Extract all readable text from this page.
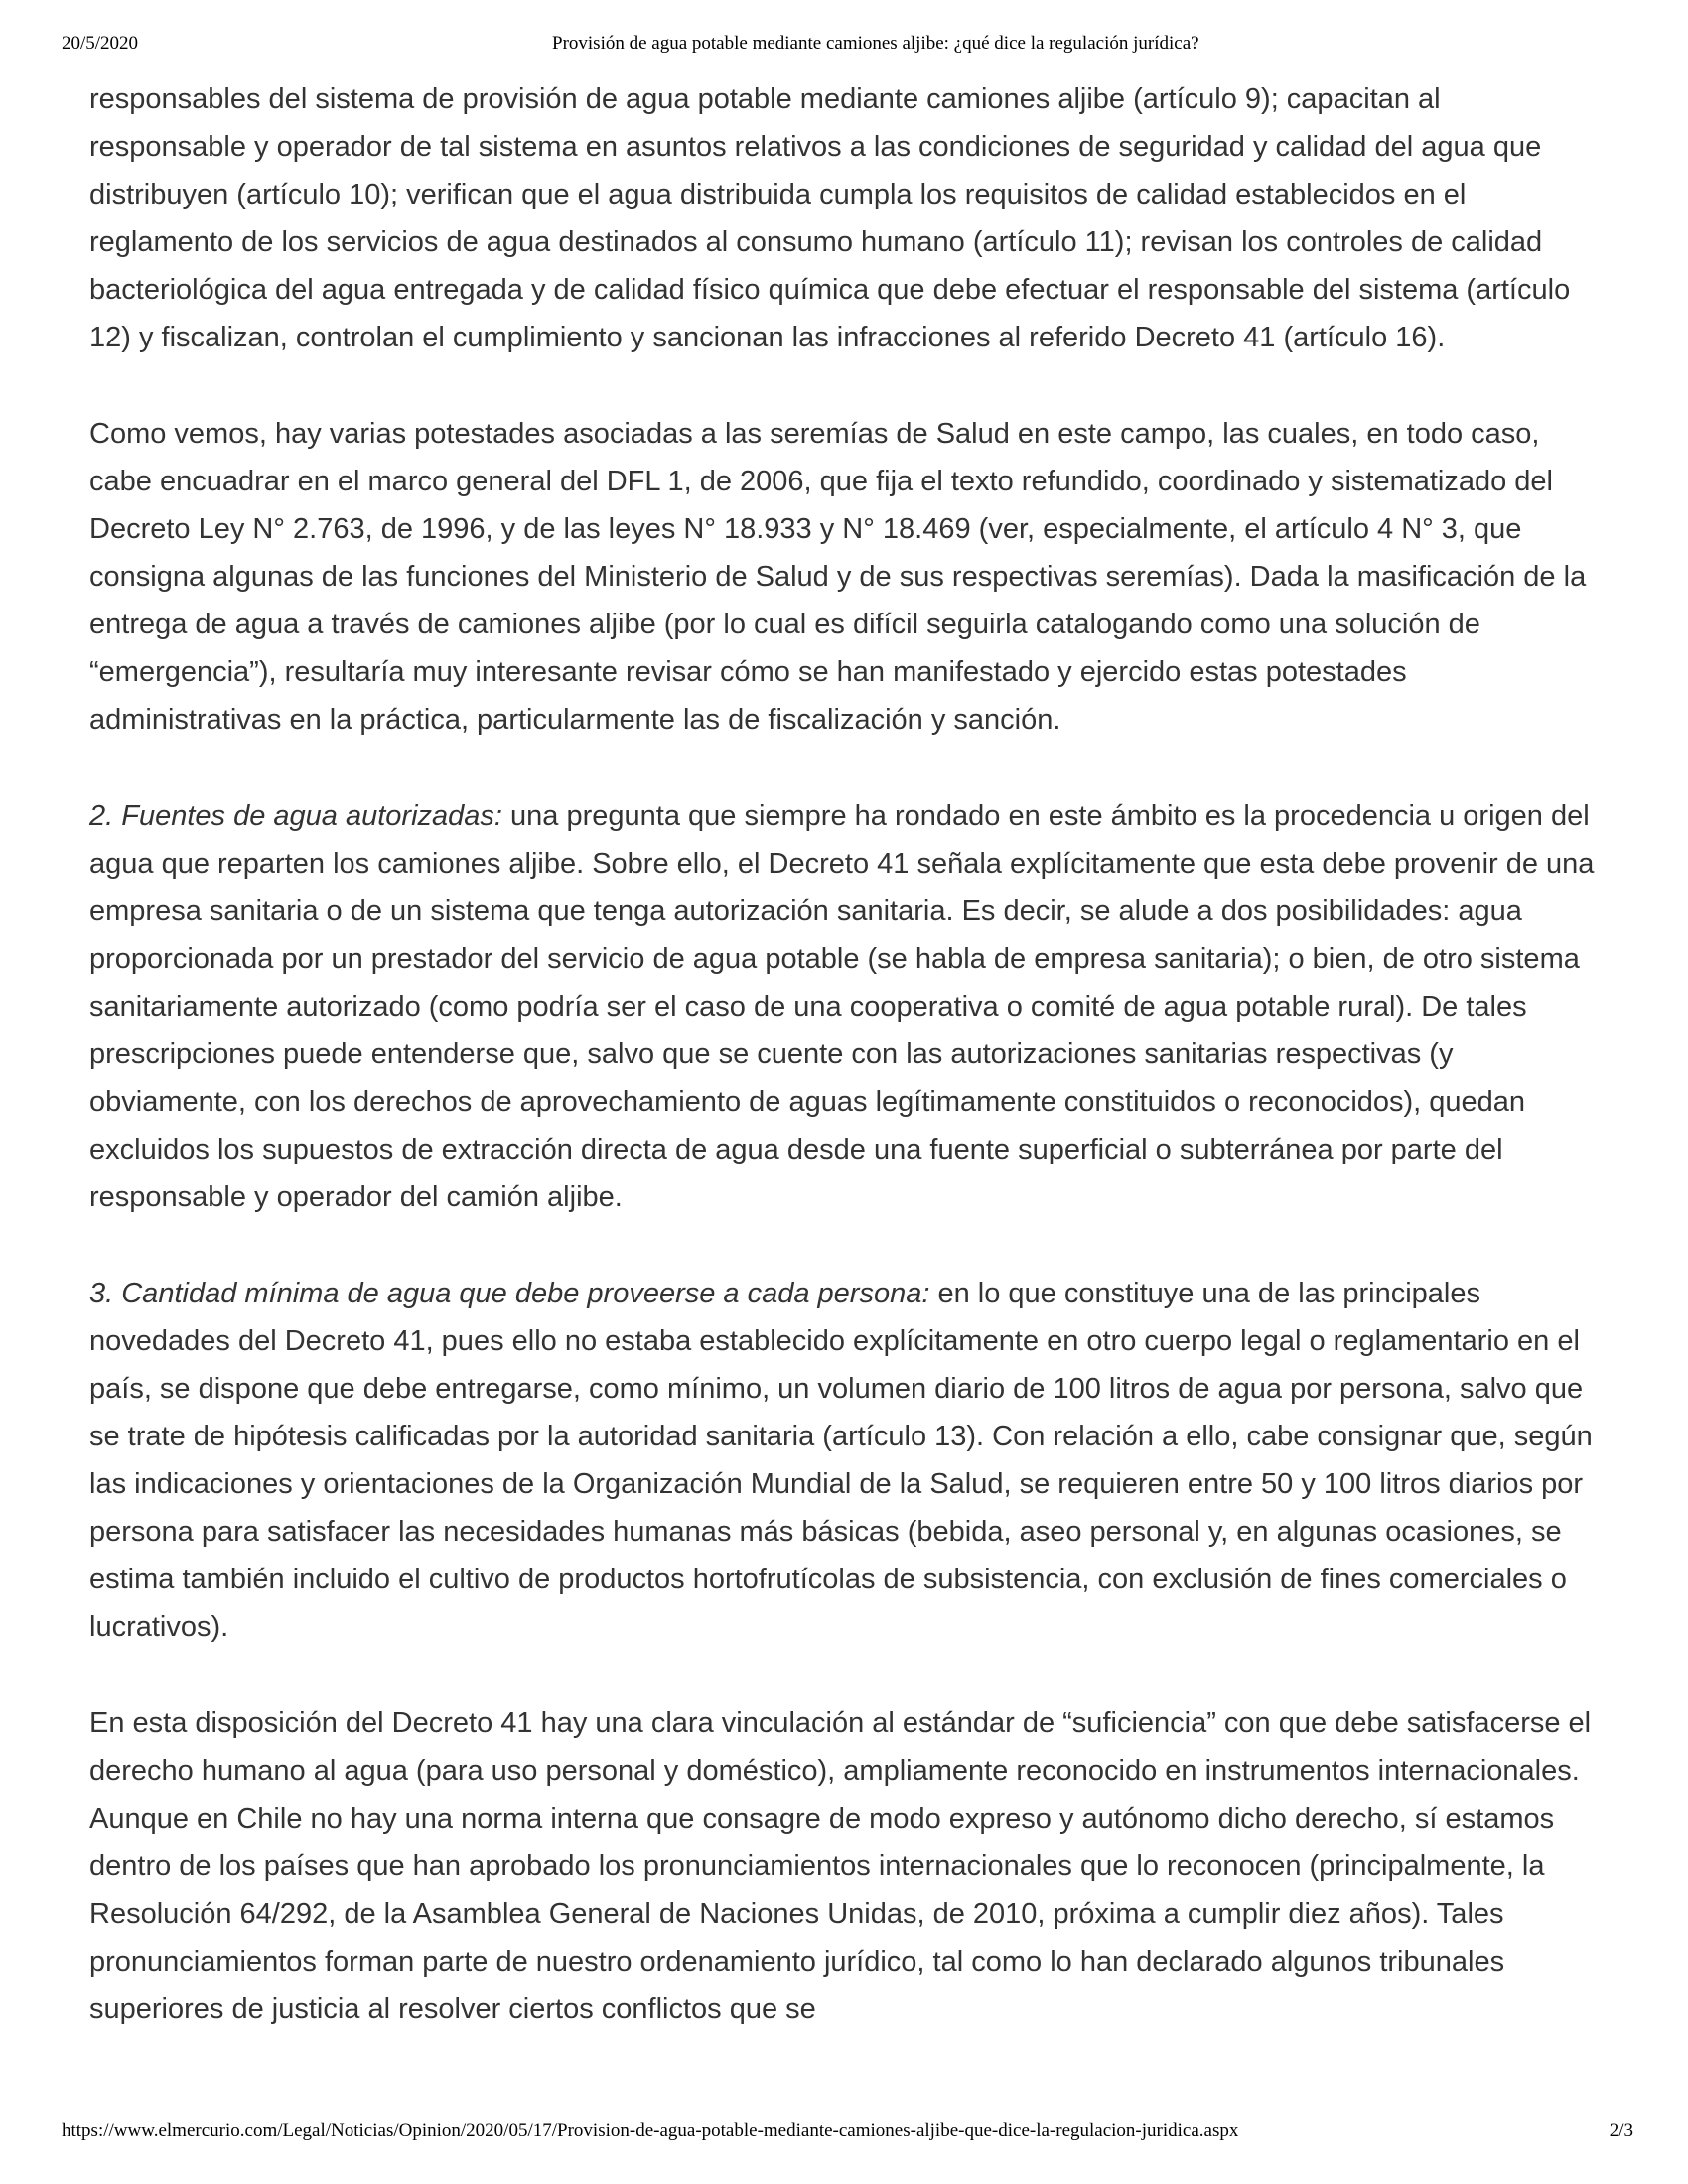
20/5/2020	Provisión de agua potable mediante camiones aljibe: ¿qué dice la regulación jurídica?

responsables del sistema de provisión de agua potable mediante camiones aljibe (artículo 9); capacitan al responsable y operador de tal sistema en asuntos relativos a las condiciones de seguridad y calidad del agua que distribuyen (artículo 10); verifican que el agua distribuida cumpla los requisitos de calidad establecidos en el reglamento de los servicios de agua destinados al consumo humano (artículo 11); revisan los controles de calidad bacteriológica del agua entregada y de calidad físico química que debe efectuar el responsable del sistema (artículo 12) y fiscalizan, controlan el cumplimiento y sancionan las infracciones al referido Decreto 41 (artículo 16).

Como vemos, hay varias potestades asociadas a las seremías de Salud en este campo, las cuales, en todo caso, cabe encuadrar en el marco general del DFL 1, de 2006, que fija el texto refundido, coordinado y sistematizado del Decreto Ley N° 2.763, de 1996, y de las leyes N° 18.933 y N° 18.469 (ver, especialmente, el artículo 4 N° 3, que consigna algunas de las funciones del Ministerio de Salud y de sus respectivas seremías). Dada la masificación de la entrega de agua a través de camiones aljibe (por lo cual es difícil seguirla catalogando como una solución de “emergencia”), resultaría muy interesante revisar cómo se han manifestado y ejercido estas potestades administrativas en la práctica, particularmente las de fiscalización y sanción.

2. Fuentes de agua autorizadas: una pregunta que siempre ha rondado en este ámbito es la procedencia u origen del agua que reparten los camiones aljibe. Sobre ello, el Decreto 41 señala explícitamente que esta debe provenir de una empresa sanitaria o de un sistema que tenga autorización sanitaria. Es decir, se alude a dos posibilidades: agua proporcionada por un prestador del servicio de agua potable (se habla de empresa sanitaria); o bien, de otro sistema sanitariamente autorizado (como podría ser el caso de una cooperativa o comité de agua potable rural). De tales prescripciones puede entenderse que, salvo que se cuente con las autorizaciones sanitarias respectivas (y obviamente, con los derechos de aprovechamiento de aguas legítimamente constituidos o reconocidos), quedan excluidos los supuestos de extracción directa de agua desde una fuente superficial o subterránea por parte del responsable y operador del camión aljibe.

3. Cantidad mínima de agua que debe proveerse a cada persona: en lo que constituye una de las principales novedades del Decreto 41, pues ello no estaba establecido explícitamente en otro cuerpo legal o reglamentario en el país, se dispone que debe entregarse, como mínimo, un volumen diario de 100 litros de agua por persona, salvo que se trate de hipótesis calificadas por la autoridad sanitaria (artículo 13). Con relación a ello, cabe consignar que, según las indicaciones y orientaciones de la Organización Mundial de la Salud, se requieren entre 50 y 100 litros diarios por persona para satisfacer las necesidades humanas más básicas (bebida, aseo personal y, en algunas ocasiones, se estima también incluido el cultivo de productos hortofrutícolas de subsistencia, con exclusión de fines comerciales o lucrativos).

En esta disposición del Decreto 41 hay una clara vinculación al estándar de “suficiencia” con que debe satisfacerse el derecho humano al agua (para uso personal y doméstico), ampliamente reconocido en instrumentos internacionales. Aunque en Chile no hay una norma interna que consagre de modo expreso y autónomo dicho derecho, sí estamos dentro de los países que han aprobado los pronunciamientos internacionales que lo reconocen (principalmente, la Resolución 64/292, de la Asamblea General de Naciones Unidas, de 2010, próxima a cumplir diez años). Tales pronunciamientos forman parte de nuestro ordenamiento jurídico, tal como lo han declarado algunos tribunales superiores de justicia al resolver ciertos conflictos que se

https://www.elmercurio.com/Legal/Noticias/Opinion/2020/05/17/Provision-de-agua-potable-mediante-camiones-aljibe-que-dice-la-regulacion-juridica.aspx	2/3
